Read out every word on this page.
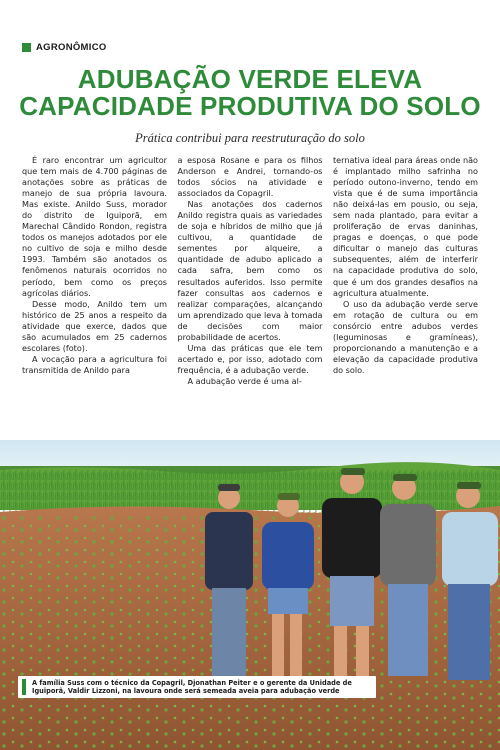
AGRONÔMICO
ADUBAÇÃO VERDE ELEVA
CAPACIDADE PRODUTIVA DO SOLO
Prática contribui para reestruturação do solo

É raro encontrar um agricultor que tem mais de 4.700 páginas de anotações sobre as práticas de manejo de sua própria lavoura. Mas existe. Anildo Suss, morador do distrito de Iguiporã, em Marechal Cândido Rondon, registra todos os manejos adotados por ele no cultivo de soja e milho desde 1993. Também são anotados os fenômenos naturais ocorridos no período, bem como os preços agrícolas diários.

Desse modo, Anildo tem um histórico de 25 anos a respeito da atividade que exerce, dados que são acumulados em 25 cadernos escolares (foto).

A vocação para a agricultura foi transmitida de Anildo para

a esposa Rosane e para os filhos Anderson e Andrei, tornando-os todos sócios na atividade e associados da Copagril.

Nas anotações dos cadernos Anildo registra quais as variedades de soja e híbridos de milho que já cultivou, a quantidade de sementes por alqueire, a quantidade de adubo aplicado a cada safra, bem como os resultados auferidos. Isso permite fazer consultas aos cadernos e realizar comparações, alcançando um aprendizado que leva à tomada de decisões com maior probabilidade de acertos.

Uma das práticas que ele tem acertado e, por isso, adotado com frequência, é a adubação verde.

A adubação verde é uma al-

ternativa ideal para áreas onde não é implantado milho safrinha no período outono-inverno, tendo em vista que é de suma importância não deixá-las em pousio, ou seja, sem nada plantado, para evitar a proliferação de ervas daninhas, pragas e doenças, o que pode dificultar o manejo das culturas subsequentes, além de interferir na capacidade produtiva do solo, que é um dos grandes desafios na agricultura atualmente.

O uso da adubação verde serve em rotação de cultura ou em consórcio entre adubos verdes (leguminosas e gramíneas), proporcionando a manutenção e a elevação da capacidade produtiva do solo.

A família Suss com o técnico da Copagril, Djonathan Peiter e o gerente da Unidade de Iguiporã, Valdir Lizzoni, na lavoura onde será semeada aveia para adubação verde
